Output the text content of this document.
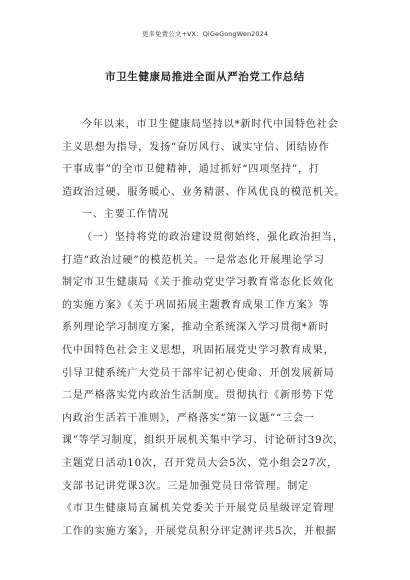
更多免费公文+VX：QiGeGongWen2024
市卫生健康局推进全面从严治党工作总结
今年以来，市卫生健康局坚持以*新时代中国特色社会
主义思想为指导，发扬“奋厉风行、诚实守信、团结协作
干事成事”的全市卫健精神，通过抓好“四项坚持”，打
造政治过硬、服务暖心、业务精湛、作风优良的模范机关。
一、主要工作情况
（一）坚持将党的政治建设贯彻始终，强化政治担当，
打造“政治过硬”的模范机关。一是常态化开展理论学习
制定市卫生健康局《关于推动党史学习教育常态化长效化
的实施方案》《关于巩固拓展主题教育成果工作方案》等
系列理论学习制度方案，推动全系统深入学习贯彻*新时
代中国特色社会主义思想，巩固拓展党史学习教育成果，
引导卫健系统广大党员干部牢记初心使命、开创发展新局
二是严格落实党内政治生活制度。贯彻执行《新形势下党
内政治生活若干准则》，严格落实“第一议题”“三会一
课”等学习制度，组织开展机关集中学习、讨论研讨39次，
主题党日活动10次，召开党员大会5次、党小组会27次，
支部书记讲党课3次。三是加强党员日常管理。制定
《市卫生健康局直属机关党委关于开展党员星级评定管理
工作的实施方案》，开展党员积分评定测评共5次，并根据
